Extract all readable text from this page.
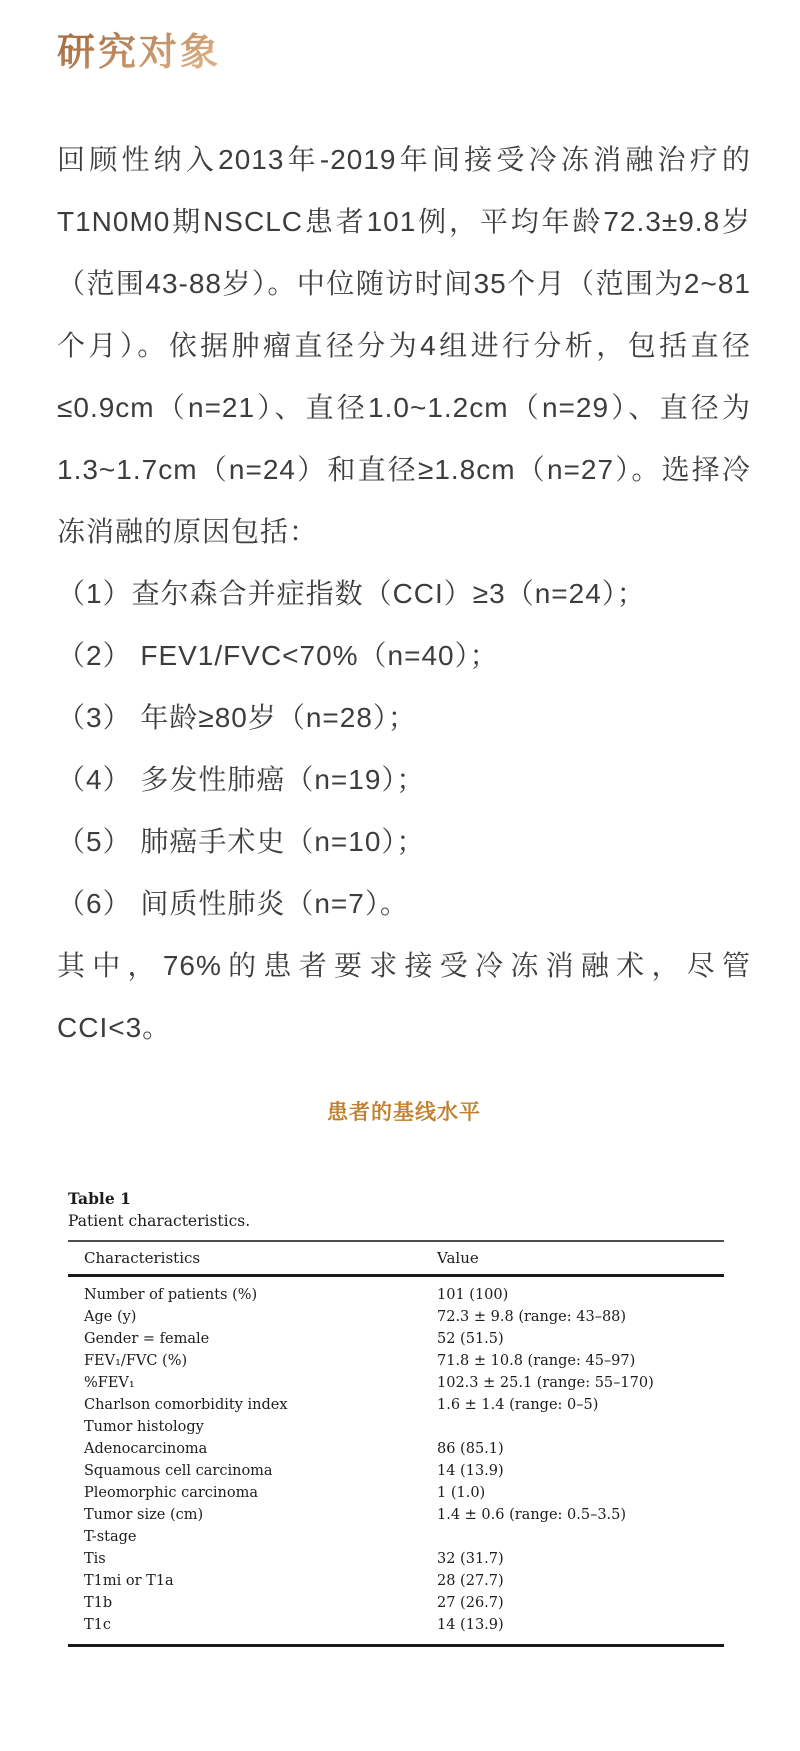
研究对象

回顾性纳入2013年-2019年间接受冷冻消融治疗的T1N0M0期NSCLC患者101例，平均年龄72.3±9.8岁（范围43-88岁）。中位随访时间35个月（范围为2~81个月）。依据肿瘤直径分为4组进行分析，包括直径≤0.9cm（n=21）、直径1.0~1.2cm（n=29）、直径为1.3~1.7cm（n=24）和直径≥1.8cm（n=27）。选择冷冻消融的原因包括：

（1）查尔森合并症指数（CCI）≥3（n=24）；
（2） FEV1/FVC<70%（n=40）；
（3） 年龄≥80岁（n=28）；
（4） 多发性肺癌（n=19）；
（5） 肺癌手术史（n=10）；
（6） 间质性肺炎（n=7）。

其中，76%的患者要求接受冷冻消融术，尽管CCI<3。

患者的基线水平
Table 1
Patient characteristics.
Characteristics	Value
Number of patients (%)	101 (100)
Age (y)	72.3 ± 9.8 (range: 43–88)
Gender = female	52 (51.5)
FEV₁/FVC (%)	71.8 ± 10.8 (range: 45–97)
%FEV₁	102.3 ± 25.1 (range: 55–170)
Charlson comorbidity index	1.6 ± 1.4 (range: 0–5)
Tumor histology
Adenocarcinoma	86 (85.1)
Squamous cell carcinoma	14 (13.9)
Pleomorphic carcinoma	1 (1.0)
Tumor size (cm)	1.4 ± 0.6 (range: 0.5–3.5)
T-stage
Tis	32 (31.7)
T1mi or T1a	28 (27.7)
T1b	27 (26.7)
T1c	14 (13.9)
